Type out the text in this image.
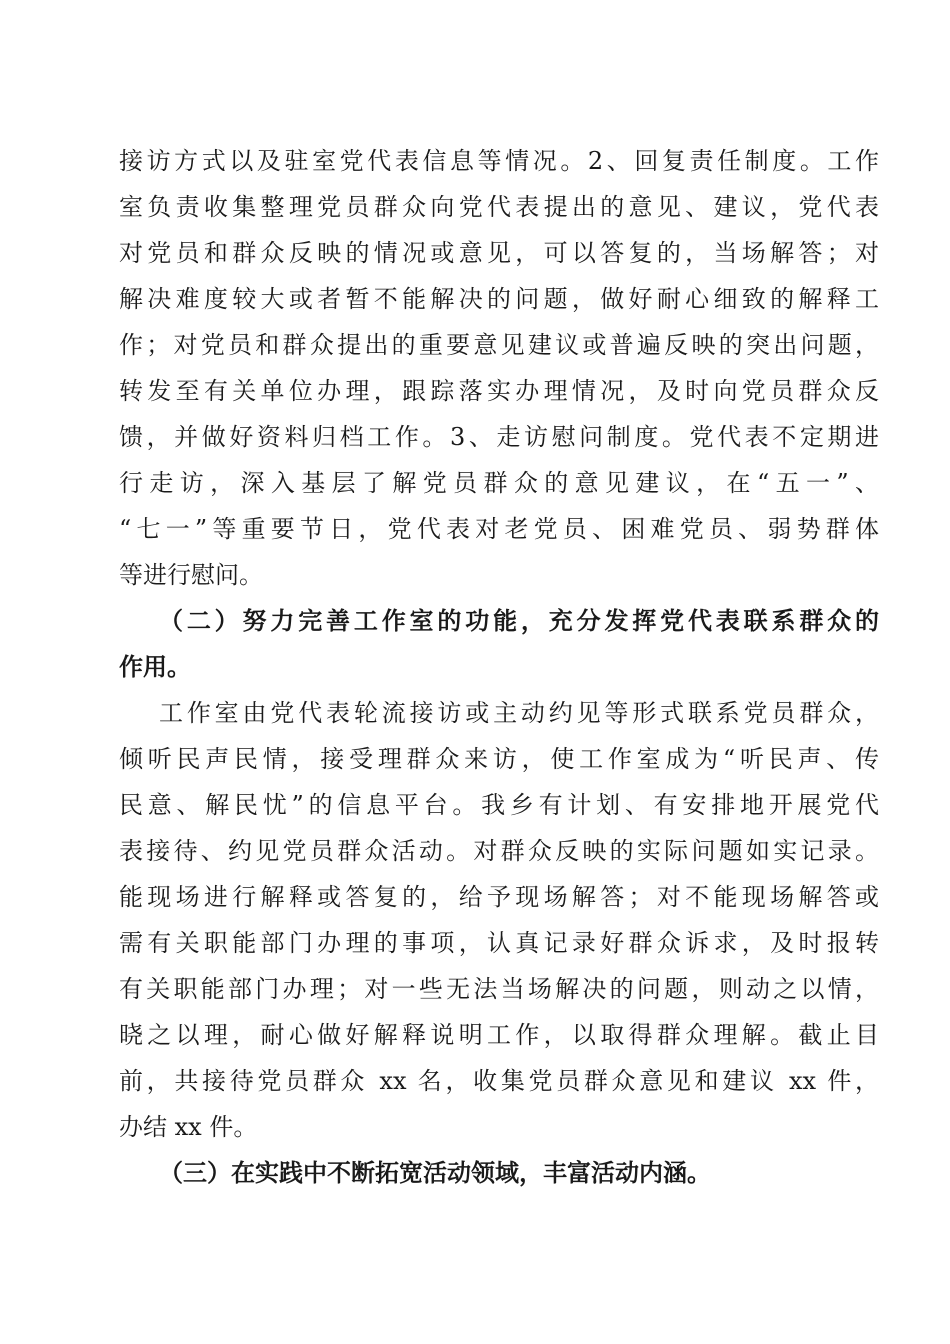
接访方式以及驻室党代表信息等情况。2、回复责任制度。工作
室负责收集整理党员群众向党代表提出的意见、建议，党代表
对党员和群众反映的情况或意见，可以答复的，当场解答；对
解决难度较大或者暂不能解决的问题，做好耐心细致的解释工
作；对党员和群众提出的重要意见建议或普遍反映的突出问题，
转发至有关单位办理，跟踪落实办理情况，及时向党员群众反
馈，并做好资料归档工作。3、走访慰问制度。党代表不定期进
行走访，深入基层了解党员群众的意见建议，在“五一”、
“七一”等重要节日，党代表对老党员、困难党员、弱势群体
等进行慰问。
（二）努力完善工作室的功能，充分发挥党代表联系群众的
作用。
工作室由党代表轮流接访或主动约见等形式联系党员群众，
倾听民声民情，接受理群众来访，使工作室成为“听民声、传
民意、解民忧”的信息平台。我乡有计划、有安排地开展党代
表接待、约见党员群众活动。对群众反映的实际问题如实记录。
能现场进行解释或答复的，给予现场解答；对不能现场解答或
需有关职能部门办理的事项，认真记录好群众诉求，及时报转
有关职能部门办理；对一些无法当场解决的问题，则动之以情，
晓之以理，耐心做好解释说明工作，以取得群众理解。截止目
前，共接待党员群众 xx 名，收集党员群众意见和建议 xx 件，
办结 xx 件。
（三）在实践中不断拓宽活动领域，丰富活动内涵。
